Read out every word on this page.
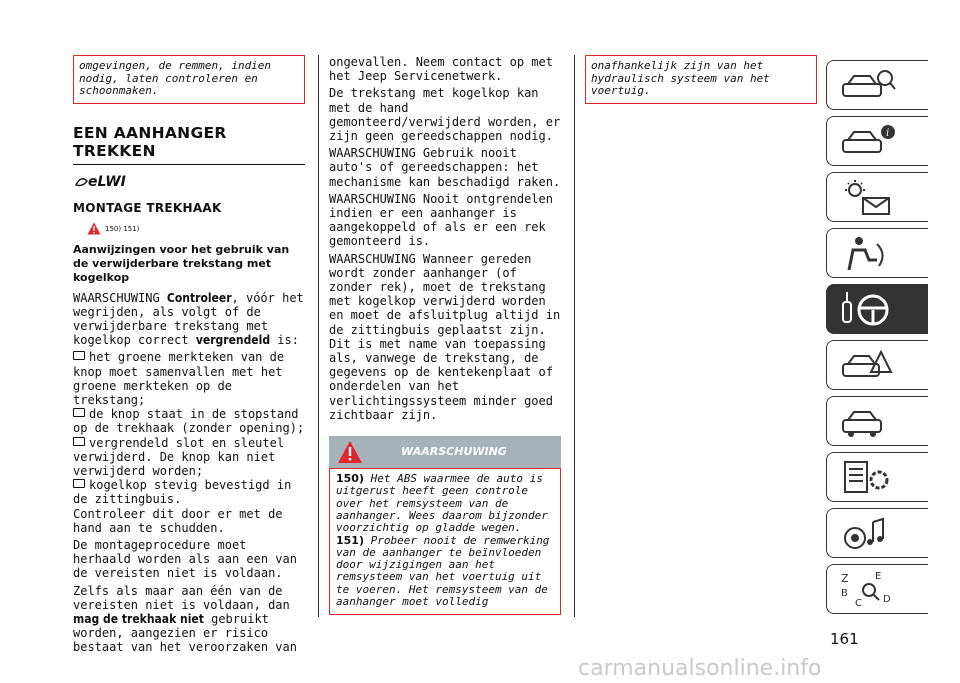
omgevingen, de remmen, indien nodig, laten controleren en schoonmaken.
EEN AANHANGER TREKKEN
eLWI
MONTAGE TREKHAAK
150) 151)
Aanwijzingen voor het gebruik van de verwijderbare trekstang met kogelkop
WAARSCHUWING Controleer, vóór het wegrijden, als volgt of de verwijderbare trekstang met kogelkop correct vergrendeld is:
het groene merkteken van de knop moet samenvallen met het groene merkteken op de trekstang;
de knop staat in de stopstand op de trekhaak (zonder opening);
vergrendeld slot en sleutel verwijderd. De knop kan niet verwijderd worden;
kogelkop stevig bevestigd in de zittingbuis.
Controleer dit door er met de hand aan te schudden.
De montageprocedure moet herhaald worden als aan een van de vereisten niet is voldaan.
Zelfs als maar aan één van de vereisten niet is voldaan, dan mag de trekhaak niet gebruikt worden, aangezien er risico bestaat van het veroorzaken van
ongevallen. Neem contact op met het Jeep Servicenetwerk.
De trekstang met kogelkop kan met de hand gemonteerd/verwijderd worden, er zijn geen gereedschappen nodig.
WAARSCHUWING Gebruik nooit auto's of gereedschappen: het mechanisme kan beschadigd raken.
WAARSCHUWING Nooit ontgrendelen indien er een aanhanger is aangekoppeld of als er een rek gemonteerd is.
WAARSCHUWING Wanneer gereden wordt zonder aanhanger (of zonder rek), moet de trekstang met kogelkop verwijderd worden en moet de afsluitplug altijd in de zittingbuis geplaatst zijn. Dit is met name van toepassing als, vanwege de trekstang, de gegevens op de kentekenplaat of onderdelen van het verlichtingssysteem minder goed zichtbaar zijn.
WAARSCHUWING
150) Het ABS waarmee de auto is uitgerust heeft geen controle over het remsysteem van de aanhanger. Wees daarom bijzonder voorzichtig op gladde wegen.
151) Probeer nooit de remwerking van de aanhanger te beïnvloeden door wijzigingen aan het remsysteem van het voertuig uit te voeren. Het remsysteem van de aanhanger moet volledig
onafhankelijk zijn van het hydraulisch systeem van het voertuig.
i
Z	E
B
C D
161
carmanualsonline.info
